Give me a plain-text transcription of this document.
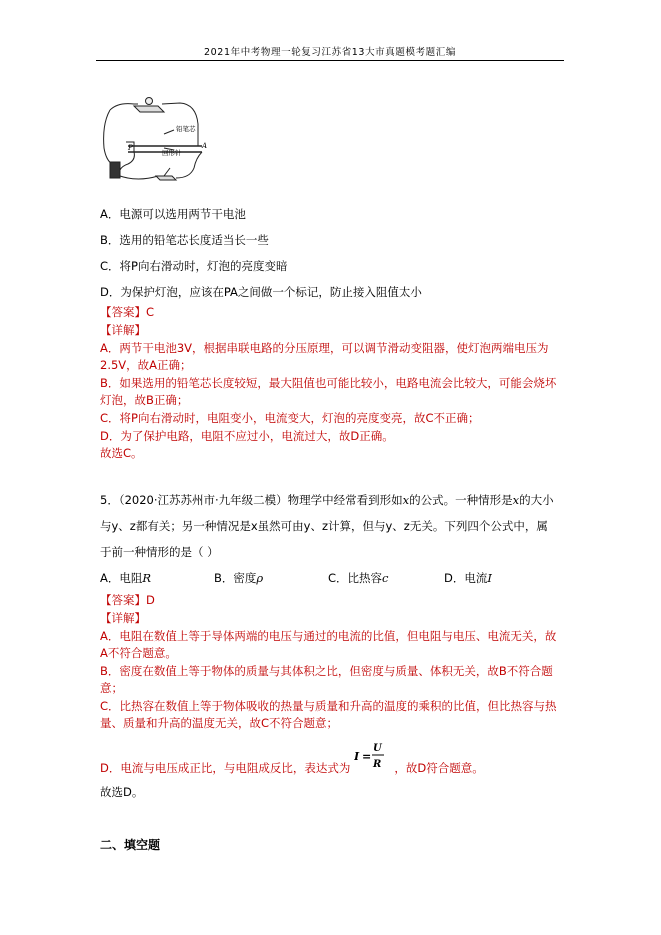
2021年中考物理一轮复习江苏省13大市真题模考题汇编
铅笔芯
回形针
P	A
A．电源可以选用两节干电池
B．选用的铅笔芯长度适当长一些
C．将P向右滑动时，灯泡的亮度变暗
D．为保护灯泡，应该在PA之间做一个标记，防止接入阻值太小
【答案】C
【详解】
A．两节干电池3V，根据串联电路的分压原理，可以调节滑动变阻器，使灯泡两端电压为
2.5V，故A正确；
B．如果选用的铅笔芯长度较短，最大阻值也可能比较小，电路电流会比较大，可能会烧坏
灯泡，故B正确；
C．将P向右滑动时，电阻变小，电流变大，灯泡的亮度变亮，故C不正确；
D．为了保护电路，电阻不应过小，电流过大，故D正确。
故选C。
5．（2020·江苏苏州市·九年级二模）物理学中经常看到形如x的公式。一种情形是x的大小
与y、z都有关；另一种情况是x虽然可由y、z计算，但与y、z无关。下列四个公式中，属
于前一种情形的是（ ）
A．电阻R	B．密度ρ	C．比热容c	D．电流I
【答案】D
【详解】
A．电阻在数值上等于导体两端的电压与通过的电流的比值，但电阻与电压、电流无关，故
A不符合题意。
B．密度在数值上等于物体的质量与其体积之比，但密度与质量、体积无关，故B不符合题
意；
C．比热容在数值上等于物体吸收的热量与质量和升高的温度的乘积的比值，但比热容与热
量、质量和升高的温度无关，故C不符合题意；
D．电流与电压成正比，与电阻成反比，表达式为	，故D符合题意。
I =
U
R
故选D。
二、填空题
